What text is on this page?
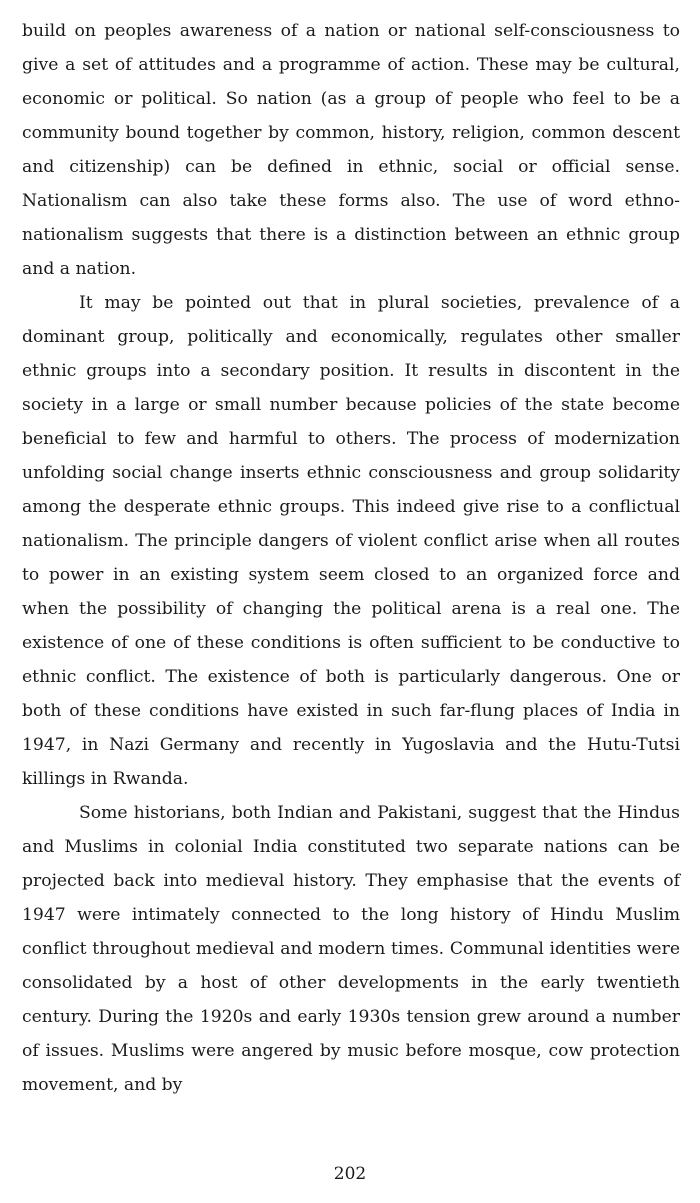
build on peoples awareness of a nation or national self-consciousness to give a set of attitudes and a programme of action. These may be cultural, economic or political. So nation (as a group of people who feel to be a community bound together by common, history, religion, common descent and citizenship) can be defined in ethnic, social or official sense. Nationalism can also take these forms also. The use of word ethno-nationalism suggests that there is a distinction between an ethnic group and a nation.

It may be pointed out that in plural societies, prevalence of a dominant group, politically and economically, regulates other smaller ethnic groups into a secondary position. It results in discontent in the society in a large or small number because policies of the state become beneficial to few and harmful to others. The process of modernization unfolding social change inserts ethnic consciousness and group solidarity among the desperate ethnic groups. This indeed give rise to a conflictual nationalism. The principle dangers of violent conflict arise when all routes to power in an existing system seem closed to an organized force and when the possibility of changing the political arena is a real one. The existence of one of these conditions is often sufficient to be conductive to ethnic conflict. The existence of both is particularly dangerous. One or both of these conditions have existed in such far-flung places of India in 1947, in Nazi Germany and recently in Yugoslavia and the Hutu-Tutsi killings in Rwanda.

Some historians, both Indian and Pakistani, suggest that the Hindus and Muslims in colonial India constituted two separate nations can be projected back into medieval history. They emphasise that the events of 1947 were intimately connected to the long history of Hindu Muslim conflict throughout medieval and modern times. Communal identities were consolidated by a host of other developments in the early twentieth century. During the 1920s and early 1930s tension grew around a number of issues. Muslims were angered by music before mosque, cow protection movement, and by

202
